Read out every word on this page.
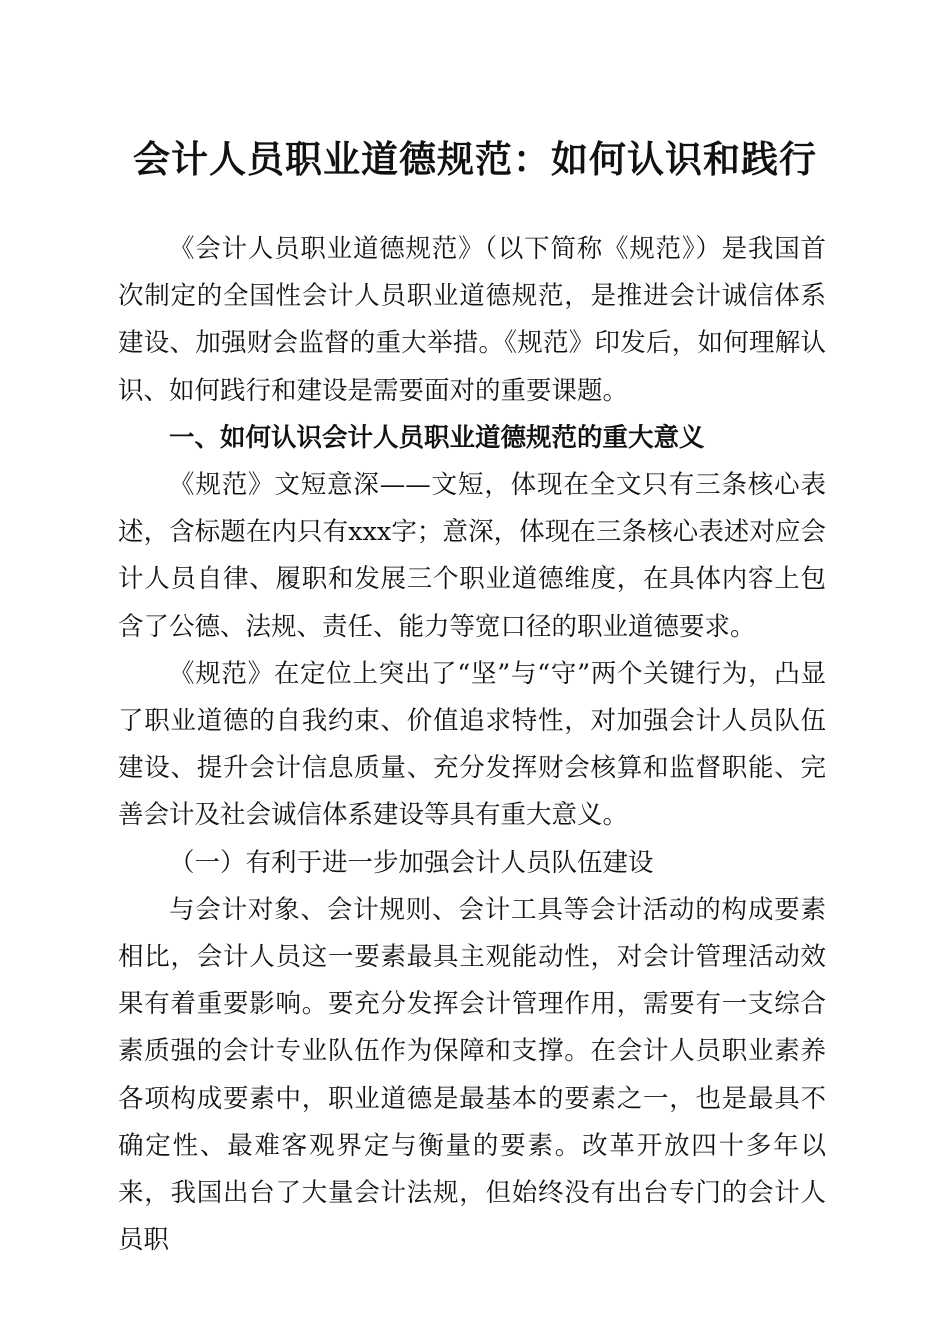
会计人员职业道德规范：如何认识和践行

《会计人员职业道德规范》（以下简称《规范》）是我国首次制定的全国性会计人员职业道德规范，是推进会计诚信体系建设、加强财会监督的重大举措。《规范》印发后，如何理解认识、如何践行和建设是需要面对的重要课题。

一、如何认识会计人员职业道德规范的重大意义

《规范》文短意深——文短，体现在全文只有三条核心表述，含标题在内只有xxx字；意深，体现在三条核心表述对应会计人员自律、履职和发展三个职业道德维度，在具体内容上包含了公德、法规、责任、能力等宽口径的职业道德要求。

《规范》在定位上突出了“坚”与“守”两个关键行为，凸显了职业道德的自我约束、价值追求特性，对加强会计人员队伍建设、提升会计信息质量、充分发挥财会核算和监督职能、完善会计及社会诚信体系建设等具有重大意义。

（一）有利于进一步加强会计人员队伍建设

与会计对象、会计规则、会计工具等会计活动的构成要素相比，会计人员这一要素最具主观能动性，对会计管理活动效果有着重要影响。要充分发挥会计管理作用，需要有一支综合素质强的会计专业队伍作为保障和支撑。在会计人员职业素养各项构成要素中，职业道德是最基本的要素之一，也是最具不确定性、最难客观界定与衡量的要素。改革开放四十多年以来，我国出台了大量会计法规，但始终没有出台专门的会计人员职
